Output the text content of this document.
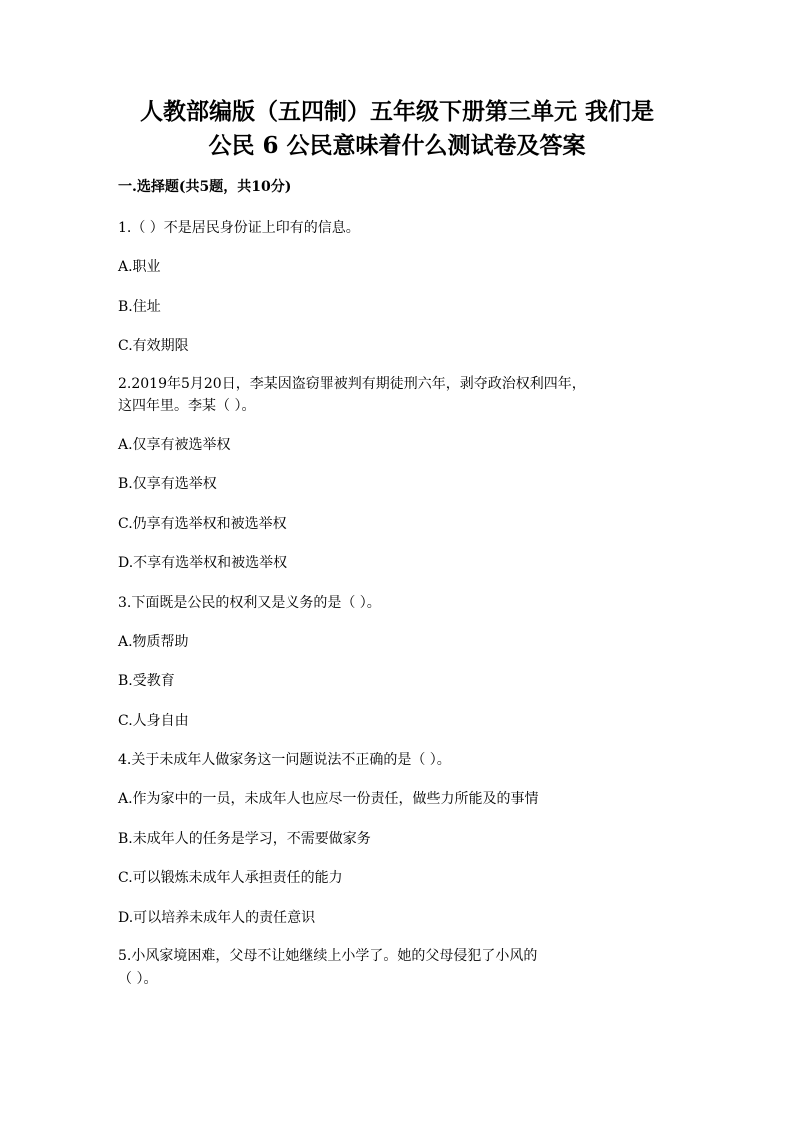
人教部编版（五四制）五年级下册第三单元 我们是
公民 6 公民意味着什么测试卷及答案
一.选择题(共5题，共10分)
1.（ ）不是居民身份证上印有的信息。
A.职业
B.住址
C.有效期限
2.2019年5月20日，李某因盗窃罪被判有期徒刑六年，剥夺政治权利四年，
这四年里。李某（ ）。
A.仅享有被选举权
B.仅享有选举权
C.仍享有选举权和被选举权
D.不享有选举权和被选举权
3.下面既是公民的权利又是义务的是（ ）。
A.物质帮助
B.受教育
C.人身自由
4.关于未成年人做家务这一问题说法不正确的是（ ）。
A.作为家中的一员，未成年人也应尽一份责任，做些力所能及的事情
B.未成年人的任务是学习，不需要做家务
C.可以锻炼未成年人承担责任的能力
D.可以培养未成年人的责任意识
5.小风家境困难，父母不让她继续上小学了。她的父母侵犯了小风的
（ ）。
